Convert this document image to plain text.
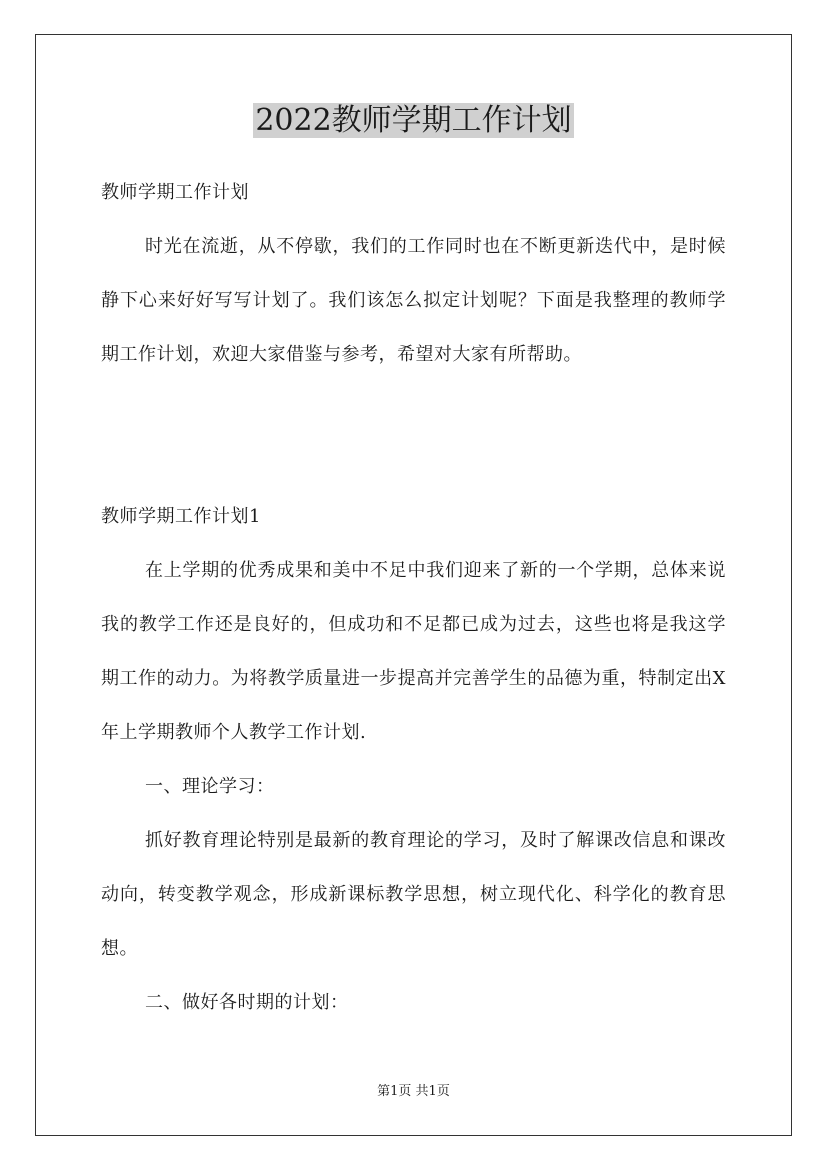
2022教师学期工作计划

教师学期工作计划

时光在流逝，从不停歇，我们的工作同时也在不断更新迭代中，是时候静下心来好好写写计划了。我们该怎么拟定计划呢？下面是我整理的教师学期工作计划，欢迎大家借鉴与参考，希望对大家有所帮助。

教师学期工作计划1

在上学期的优秀成果和美中不足中我们迎来了新的一个学期，总体来说我的教学工作还是良好的，但成功和不足都已成为过去，这些也将是我这学期工作的动力。为将教学质量进一步提高并完善学生的品德为重，特制定出X年上学期教师个人教学工作计划.

一、理论学习：

抓好教育理论特别是最新的教育理论的学习，及时了解课改信息和课改动向，转变教学观念，形成新课标教学思想，树立现代化、科学化的教育思想。

二、做好各时期的计划：

第1页 共1页
